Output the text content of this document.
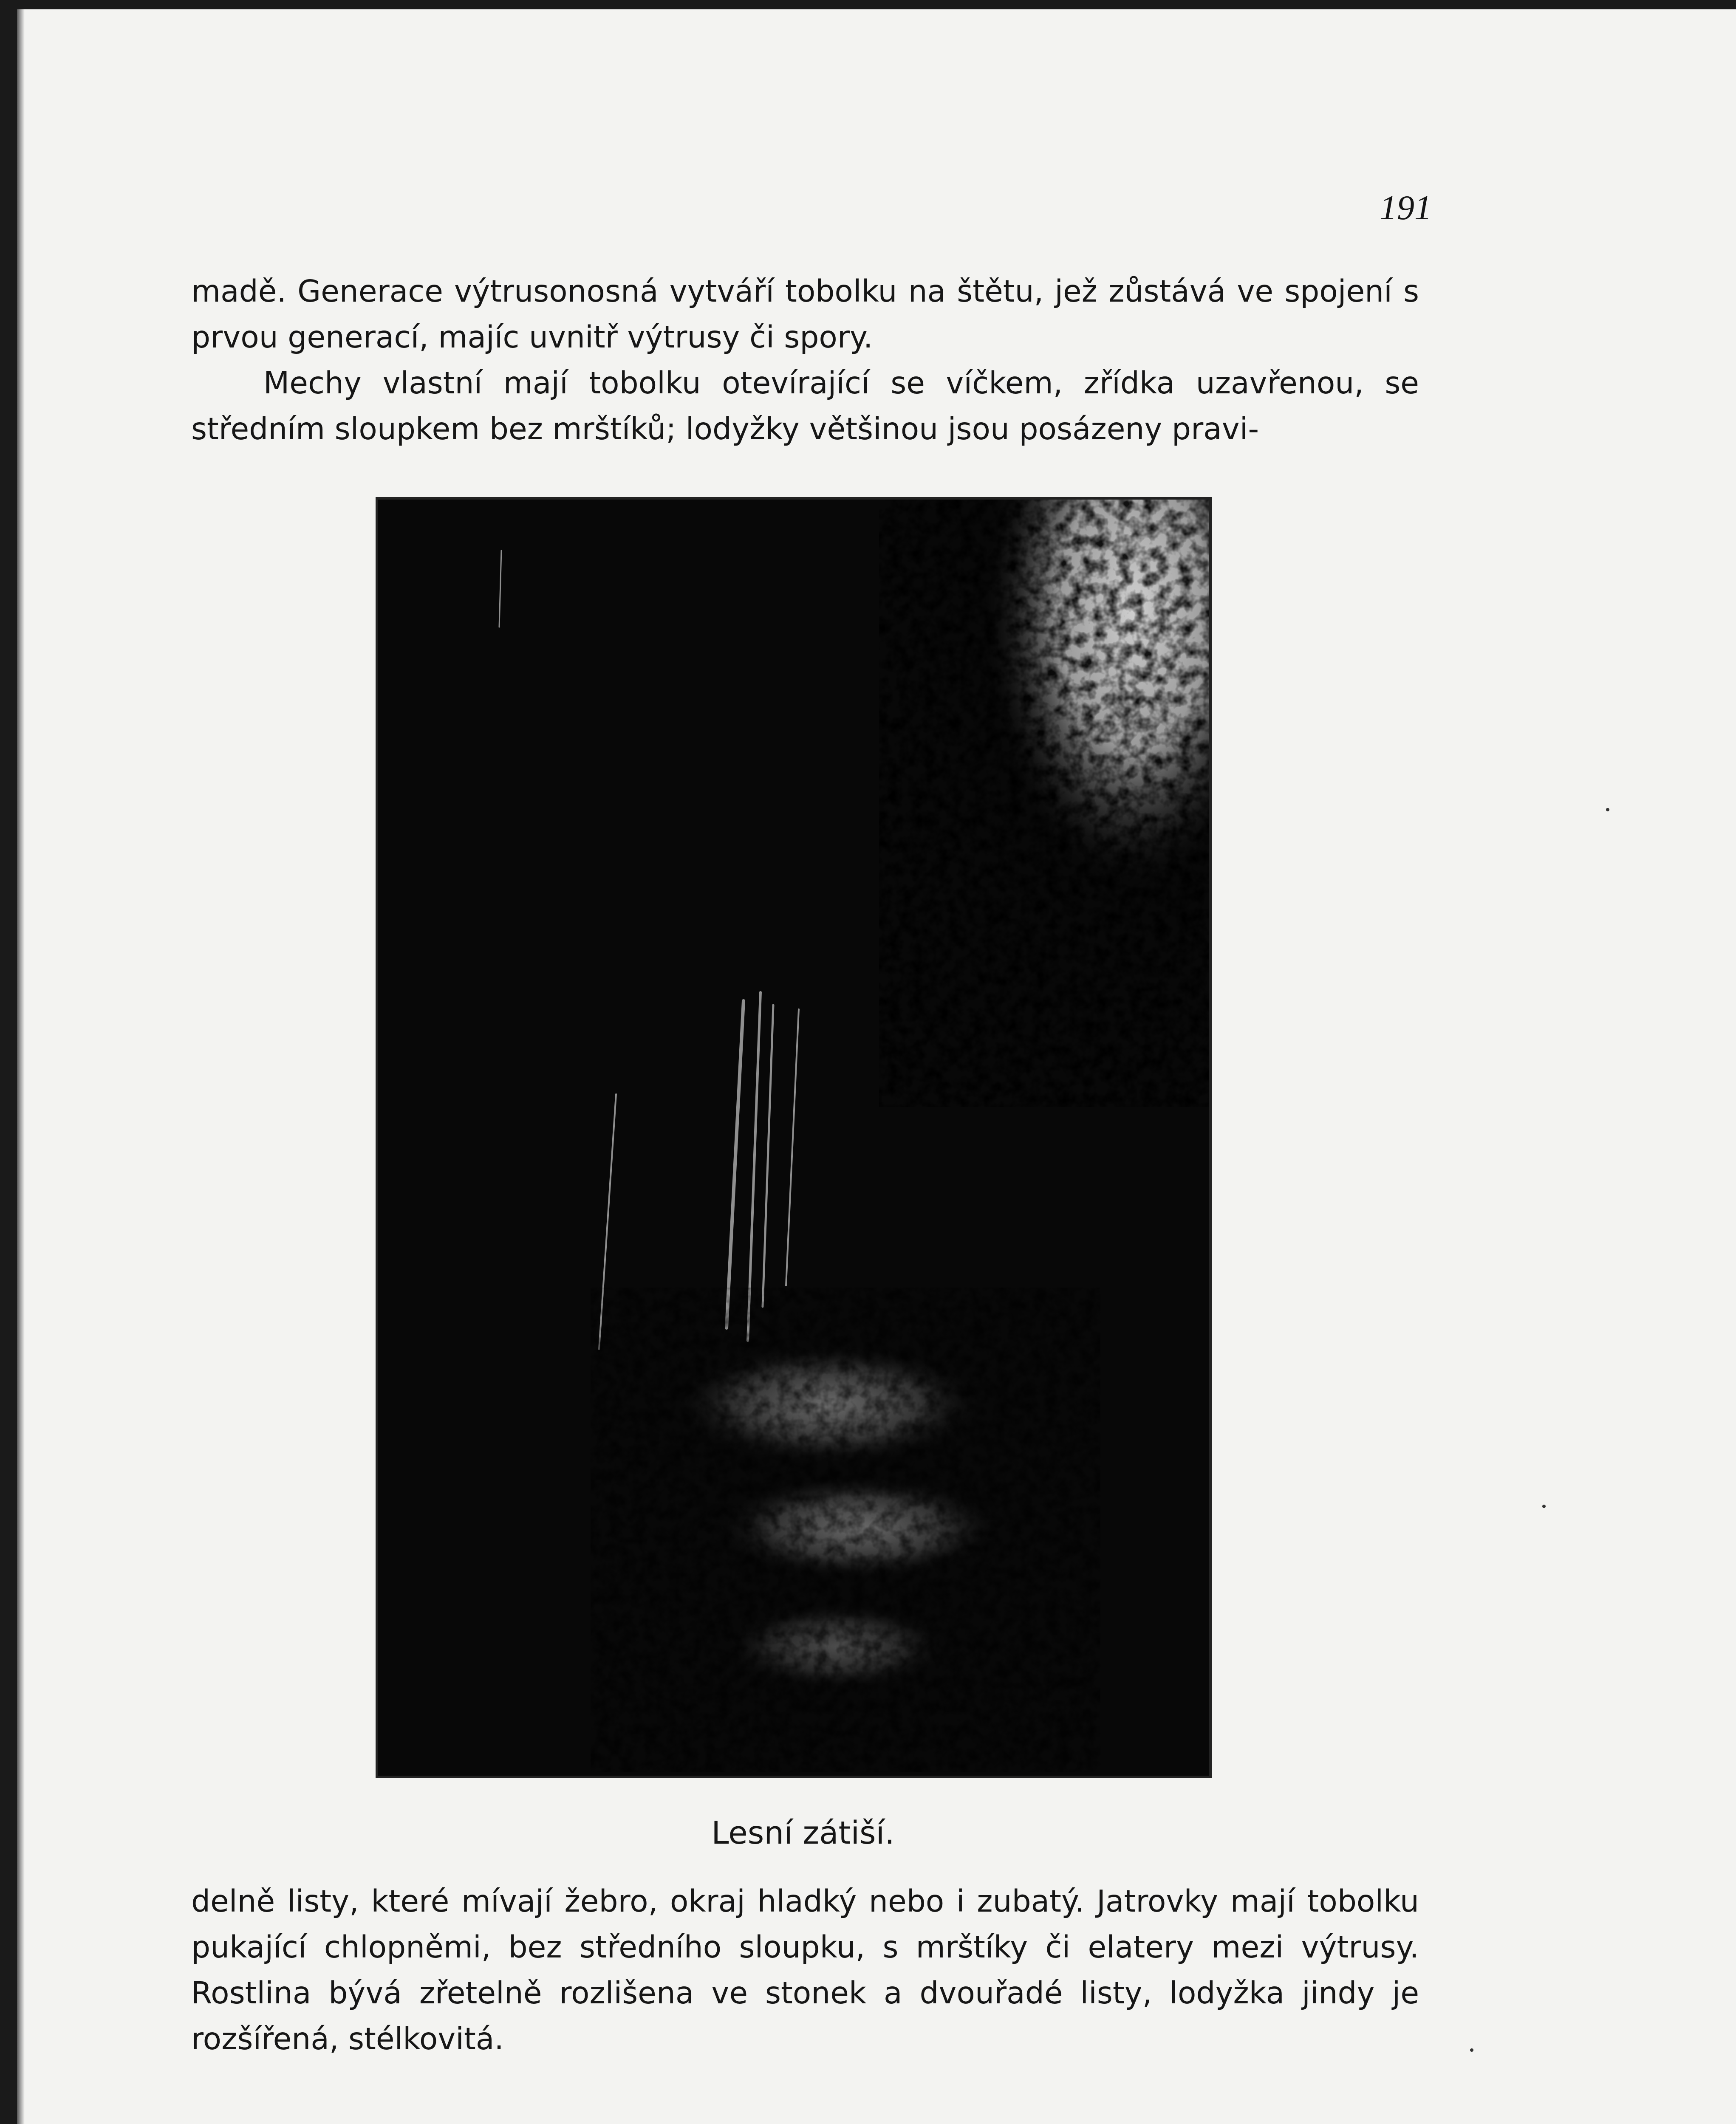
191

madě. Generace výtrusonosná vytváří tobolku na štětu, jež zůstává ve spojení s prvou generací, majíc uvnitř výtrusy či spory.

Mechy vlastní mají tobolku otevírající se víčkem, zřídka uzavřenou, se středním sloupkem bez mrštíků; lodyžky většinou jsou posázeny pravi-

Lesní zátiší.

delně listy, které mívají žebro, okraj hladký nebo i zubatý. Jatrovky mají tobolku pukající chlopněmi, bez středního sloupku, s mrštíky či elatery mezi výtrusy. Rostlina bývá zřetelně rozlišena ve stonek a dvouřadé listy, lodyžka jindy je rozšířená, stélkovitá.
